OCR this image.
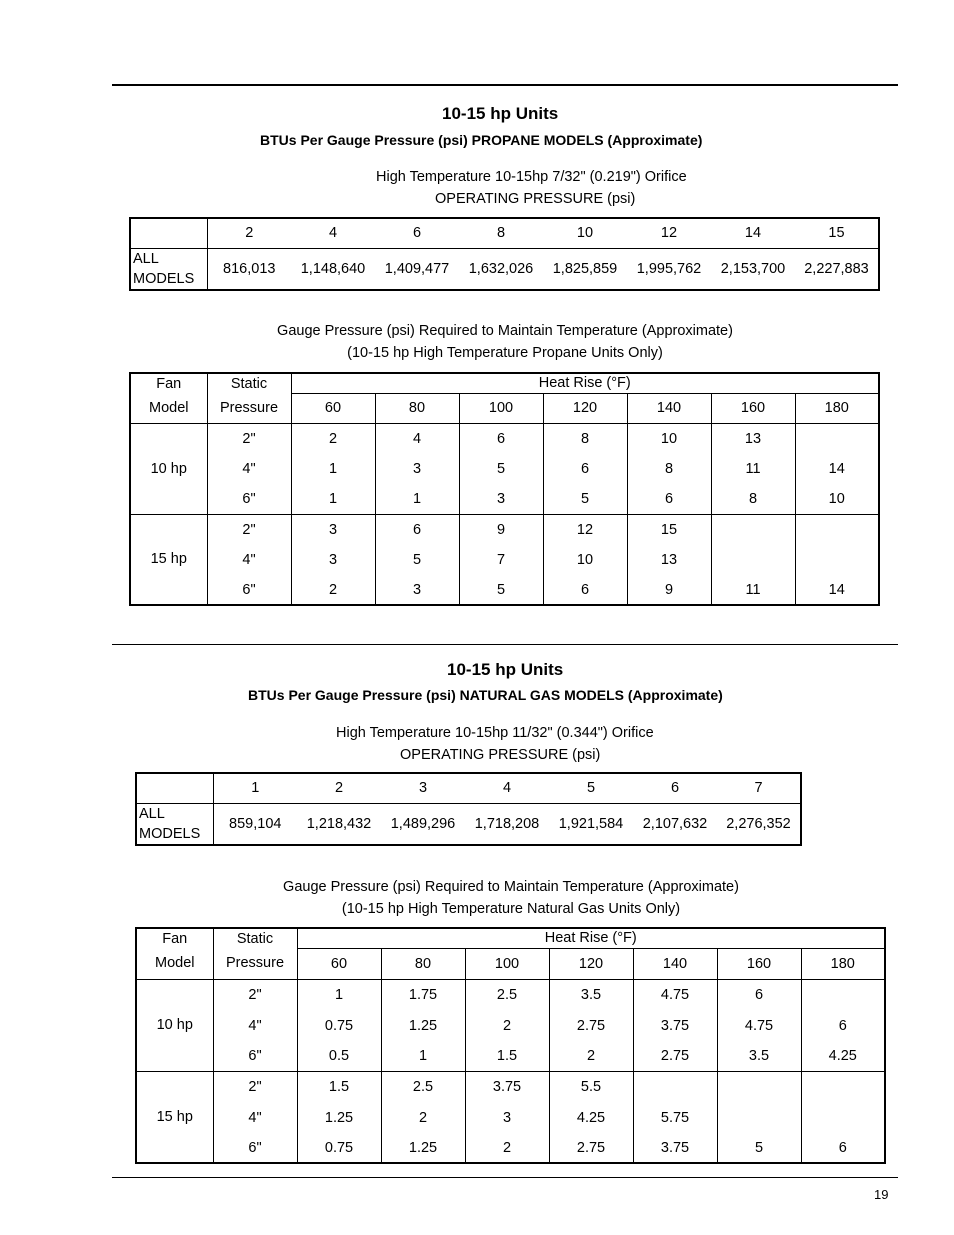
10-15 hp Units
BTUs Per Gauge Pressure (psi) PROPANE MODELS (Approximate)
High Temperature 10-15hp 7/32" (0.219") Orifice
OPERATING PRESSURE (psi)
	2	4	6	8	10	12	14	15
ALL
MODELS	816,013	1,148,640	1,409,477	1,632,026	1,825,859	1,995,762	2,153,700	2,227,883
Gauge Pressure (psi) Required to Maintain Temperature (Approximate)
(10-15 hp High Temperature Propane Units Only)
Fan	Static	Heat Rise (°F)						
Model	Pressure	60	80	100	120	140	160	180
10 hp	2"	2	4	6	8	10	13	
	4"	1	3	5	6	8	11	14
	6"	1	1	3	5	6	8	10
15 hp	2"	3	6	9	12	15		
	4"	3	5	7	10	13		
	6"	2	3	5	6	9	11	14
10-15 hp Units
BTUs Per Gauge Pressure (psi) NATURAL GAS MODELS (Approximate)
High Temperature 10-15hp 11/32" (0.344") Orifice
OPERATING PRESSURE (psi)
	1	2	3	4	5	6	7
ALL
MODELS	859,104	1,218,432	1,489,296	1,718,208	1,921,584	2,107,632	2,276,352
Gauge Pressure (psi) Required to Maintain Temperature (Approximate)
(10-15 hp High Temperature Natural Gas Units Only)
Fan	Static	Heat Rise (°F)						
Model	Pressure	60	80	100	120	140	160	180
10 hp	2"	1	1.75	2.5	3.5	4.75	6	
	4"	0.75	1.25	2	2.75	3.75	4.75	6
	6"	0.5	1	1.5	2	2.75	3.5	4.25
15 hp	2"	1.5	2.5	3.75	5.5			
	4"	1.25	2	3	4.25	5.75		
	6"	0.75	1.25	2	2.75	3.75	5	6
19
